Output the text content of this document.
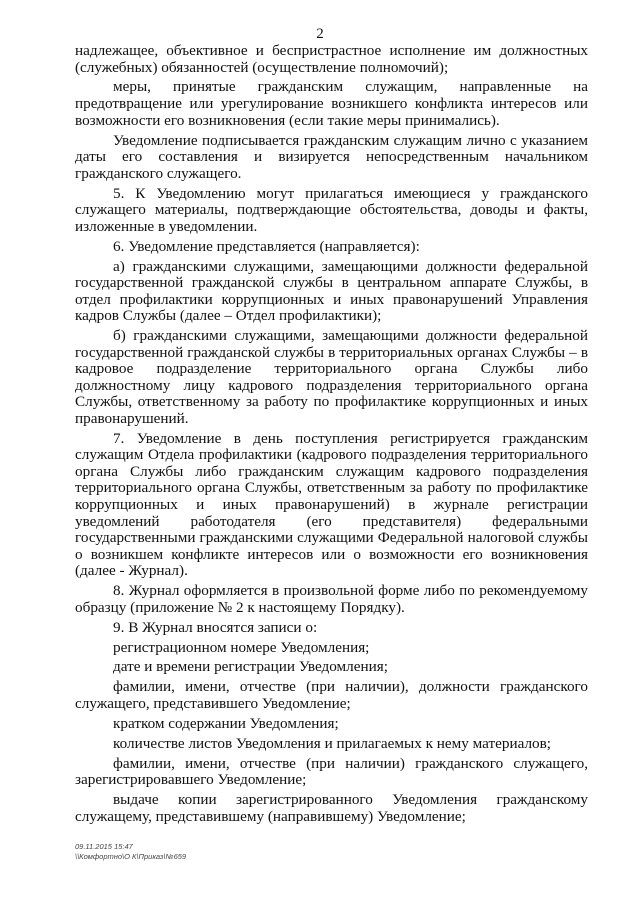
2

надлежащее, объективное и беспристрастное исполнение им должностных (служебных) обязанностей (осуществление полномочий);

меры, принятые гражданским служащим, направленные на предотвращение или урегулирование возникшего конфликта интересов или возможности его возникновения (если такие меры принимались).

Уведомление подписывается гражданским служащим лично с указанием даты его составления и визируется непосредственным начальником гражданского служащего.

5. К Уведомлению могут прилагаться имеющиеся у гражданского служащего материалы, подтверждающие обстоятельства, доводы и факты, изложенные в уведомлении.

6. Уведомление представляется (направляется):

а) гражданскими служащими, замещающими должности федеральной государственной гражданской службы в центральном аппарате Службы, в отдел профилактики коррупционных и иных правонарушений Управления кадров Службы (далее – Отдел профилактики);

б) гражданскими служащими, замещающими должности федеральной государственной гражданской службы в территориальных органах Службы – в кадровое подразделение территориального органа Службы либо должностному лицу кадрового подразделения территориального органа Службы, ответственному за работу по профилактике коррупционных и иных правонарушений.

7. Уведомление в день поступления регистрируется гражданским служащим Отдела профилактики (кадрового подразделения территориального органа Службы либо гражданским служащим кадрового подразделения территориального органа Службы, ответственным за работу по профилактике коррупционных и иных правонарушений) в журнале регистрации уведомлений работодателя (его представителя) федеральными государственными гражданскими служащими Федеральной налоговой службы о возникшем конфликте интересов или о возможности его возникновения (далее - Журнал).

8. Журнал оформляется в произвольной форме либо по рекомендуемому образцу (приложение № 2 к настоящему Порядку).

9. В Журнал вносятся записи о:

регистрационном номере Уведомления;

дате и времени регистрации Уведомления;

фамилии, имени, отчестве (при наличии), должности гражданского служащего, представившего Уведомление;

кратком содержании Уведомления;

количестве листов Уведомления и прилагаемых к нему материалов;

фамилии, имени, отчестве (при наличии) гражданского служащего, зарегистрировавшего Уведомление;

выдаче копии зарегистрированного Уведомления гражданскому служащему, представившему (направившему) Уведомление;

09.11.2015 15:47
\\Комфортно\О К\Приказ\№659
